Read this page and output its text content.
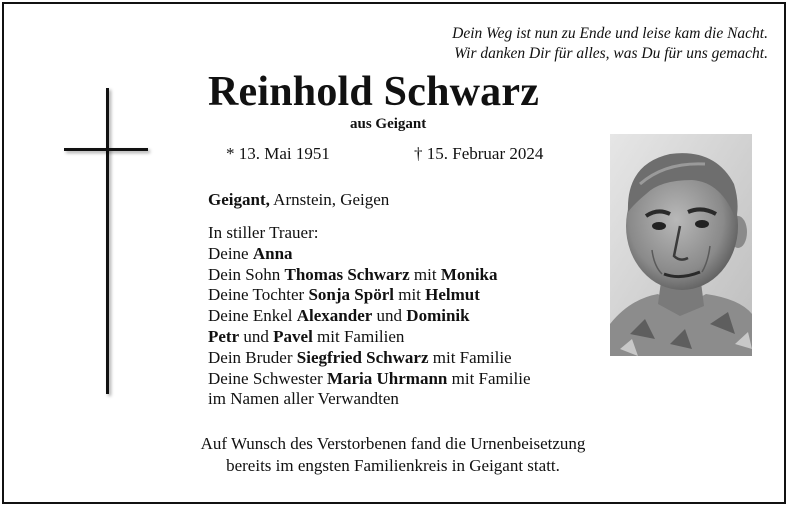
Dein Weg ist nun zu Ende und leise kam die Nacht.
Wir danken Dir für alles, was Du für uns gemacht.
Reinhold Schwarz
aus Geigant
* 13. Mai 1951	† 15. Februar 2024
Geigant, Arnstein, Geigen
In stiller Trauer:
Deine Anna
Dein Sohn Thomas Schwarz mit Monika
Deine Tochter Sonja Spörl mit Helmut
Deine Enkel Alexander und Dominik
Petr und Pavel mit Familien
Dein Bruder Siegfried Schwarz mit Familie
Deine Schwester Maria Uhrmann mit Familie
im Namen aller Verwandten
Auf Wunsch des Verstorbenen fand die Urnenbeisetzung
bereits im engsten Familienkreis in Geigant statt.
